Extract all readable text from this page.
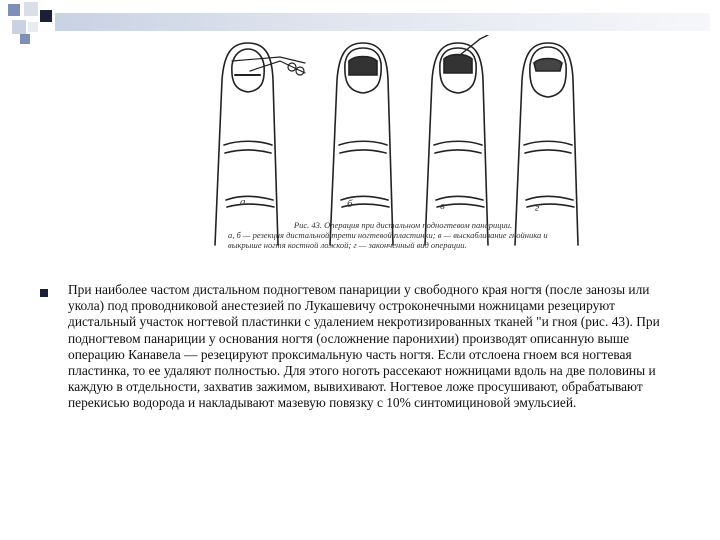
а	б	в	г
Рис. 43. Операция при дистальном подногтевом панариции.
а, б — резекция дистальной трети ногтевой пластинки; в — выскабливание гнойника и выкрыше ногтя костной ложкой; г — законченный вид операции.
При наиболее частом дистальном подногтевом панариции у свободного края ногтя (после занозы или укола) под проводниковой анестезией по Лукашевичу остроконечными ножницами резецируют дистальный участок ногтевой пластинки с удалением некротизированных тканей "и гноя (рис. 43). При подногтевом панариции у основания ногтя (осложнение паронихии) производят описанную выше операцию Канавела — резецируют проксимальную часть ногтя. Если отслоена гноем вся ногтевая пластинка, то ее удаляют полностью. Для этого ноготь рассекают ножницами вдоль на две половины и каждую в отдельности, захватив зажимом, вывихивают. Ногтевое ложе просушивают, обрабатывают перекисью водорода и накладывают мазевую повязку с 10% синтомициновой эмульсией.
